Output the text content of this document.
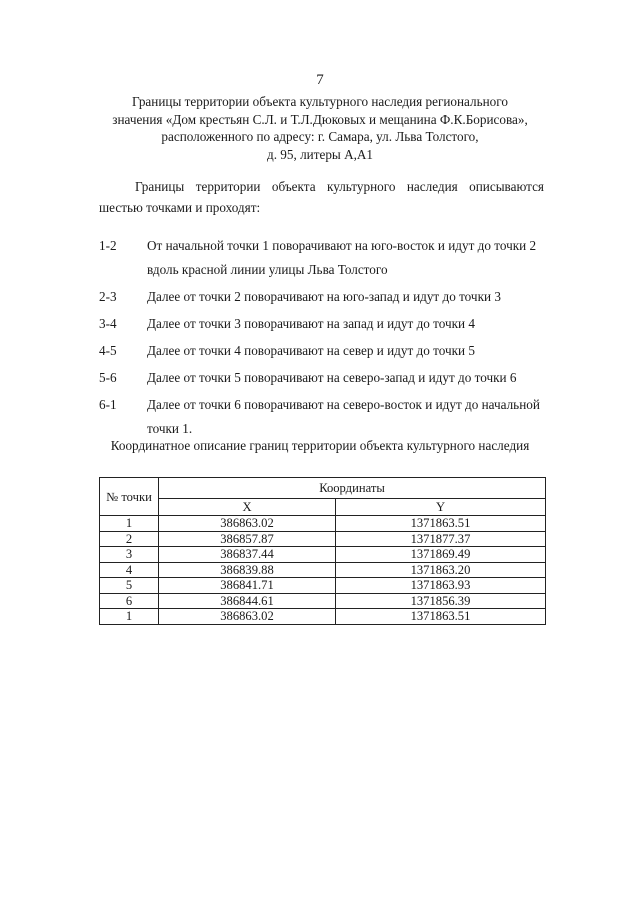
7
Границы территории объекта культурного наследия регионального
значения «Дом крестьян С.Л. и Т.Л.Дюковых и мещанина Ф.К.Борисова»,
расположенного по адресу: г. Самара, ул. Льва Толстого,
д. 95, литеры А,А1
Границы территории объекта культурного наследия описываются
шестью точками и проходят:
1-2	От начальной точки 1 поворачивают на юго-восток и идут до точки 2
вдоль красной линии улицы Льва Толстого
2-3	Далее от точки 2 поворачивают на юго-запад и идут до точки 3
3-4	Далее от точки 3 поворачивают на запад и идут до точки 4
4-5	Далее от точки 4 поворачивают на север и идут до точки 5
5-6	Далее от точки 5 поворачивают на северо-запад и идут до точки 6
6-1	Далее от точки 6 поворачивают на северо-восток и идут до начальной
точки 1.
Координатное описание границ территории объекта культурного наследия
№ точки	Координаты	
	X	Y
1	386863.02	1371863.51
2	386857.87	1371877.37
3	386837.44	1371869.49
4	386839.88	1371863.20
5	386841.71	1371863.93
6	386844.61	1371856.39
1	386863.02	1371863.51
